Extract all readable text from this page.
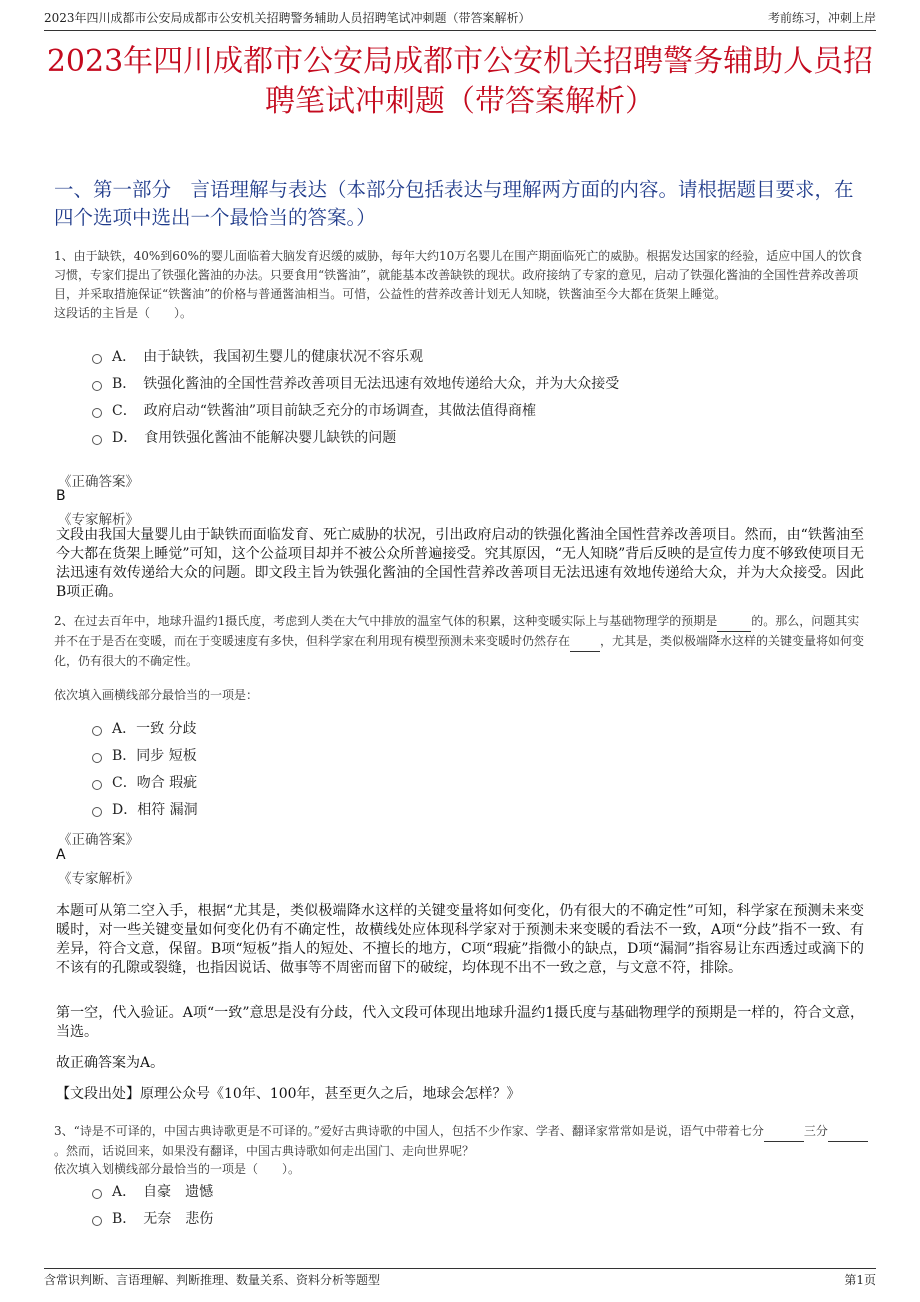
2023年四川成都市公安局成都市公安机关招聘警务辅助人员招聘笔试冲刺题（带答案解析）	考前练习，冲刺上岸
2023年四川成都市公安局成都市公安机关招聘警务辅助人员招
聘笔试冲刺题（带答案解析）
一、第一部分　言语理解与表达（本部分包括表达与理解两方面的内容。请根据题目要求，在四个选项中选出一个最恰当的答案。）
1、由于缺铁，40%到60%的婴儿面临着大脑发育迟缓的威胁，每年大约10万名婴儿在围产期面临死亡的威胁。根据发达国家的经验，适应中国人的饮食习惯，专家们提出了铁强化酱油的办法。只要食用“铁酱油”，就能基本改善缺铁的现状。政府接纳了专家的意见，启动了铁强化酱油的全国性营养改善项目，并采取措施保证“铁酱油”的价格与普通酱油相当。可惜，公益性的营养改善计划无人知晓，铁酱油至今大都在货架上睡觉。
这段话的主旨是（　　）。
A．　由于缺铁，我国初生婴儿的健康状况不容乐观
B．　铁强化酱油的全国性营养改善项目无法迅速有效地传递给大众，并为大众接受
C．　政府启动“铁酱油”项目前缺乏充分的市场调查，其做法值得商榷
D．　食用铁强化酱油不能解决婴儿缺铁的问题
《正确答案》
B
《专家解析》
文段由我国大量婴儿由于缺铁而面临发育、死亡威胁的状况，引出政府启动的铁强化酱油全国性营养改善项目。然而，由“铁酱油至今大都在货架上睡觉”可知，这个公益项目却并不被公众所普遍接受。究其原因，“无人知晓”背后反映的是宣传力度不够致使项目无法迅速有效传递给大众的问题。即文段主旨为铁强化酱油的全国性营养改善项目无法迅速有效地传递给大众，并为大众接受。因此B项正确。
2、在过去百年中，地球升温约1摄氏度，考虑到人类在大气中排放的温室气体的积累，这种变暖实际上与基础物理学的预期是	的。那么，问题其实并不在于是否在变暖，而在于变暖速度有多快，但科学家在利用现有模型预测未来变暖时仍然存在	，尤其是，类似极端降水这样的关键变量将如何变化，仍有很大的不确定性。
依次填入画横线部分最恰当的一项是：
A．一致 分歧
B．同步 短板
C．吻合 瑕疵
D．相符 漏洞
《正确答案》
A
《专家解析》
本题可从第二空入手，根据“尤其是，类似极端降水这样的关键变量将如何变化，仍有很大的不确定性”可知，科学家在预测未来变暖时，对一些关键变量如何变化仍有不确定性，故横线处应体现科学家对于预测未来变暖的看法不一致，A项“分歧”指不一致、有差异，符合文意，保留。B项“短板”指人的短处、不擅长的地方，C项“瑕疵”指微小的缺点，D项“漏洞”指容易让东西透过或滴下的不该有的孔隙或裂缝，也指因说话、做事等不周密而留下的破绽，均体现不出不一致之意，与文意不符，排除。
第一空，代入验证。A项“一致”意思是没有分歧，代入文段可体现出地球升温约1摄氏度与基础物理学的预期是一样的，符合文意，当选。
故正确答案为A。
【文段出处】原理公众号《10年、100年，甚至更久之后，地球会怎样？》
3、“诗是不可译的，中国古典诗歌更是不可译的。”爱好古典诗歌的中国人，包括不少作家、学者、翻译家常常如是说，语气中带着七分	三分 。然而，话说回来，如果没有翻译，中国古典诗歌如何走出国门、走向世界呢？
依次填入划横线部分最恰当的一项是（　　）。
A．　自豪　遗憾
B．　无奈　悲伤
含常识判断、言语理解、判断推理、数量关系、资料分析等题型	第1页
